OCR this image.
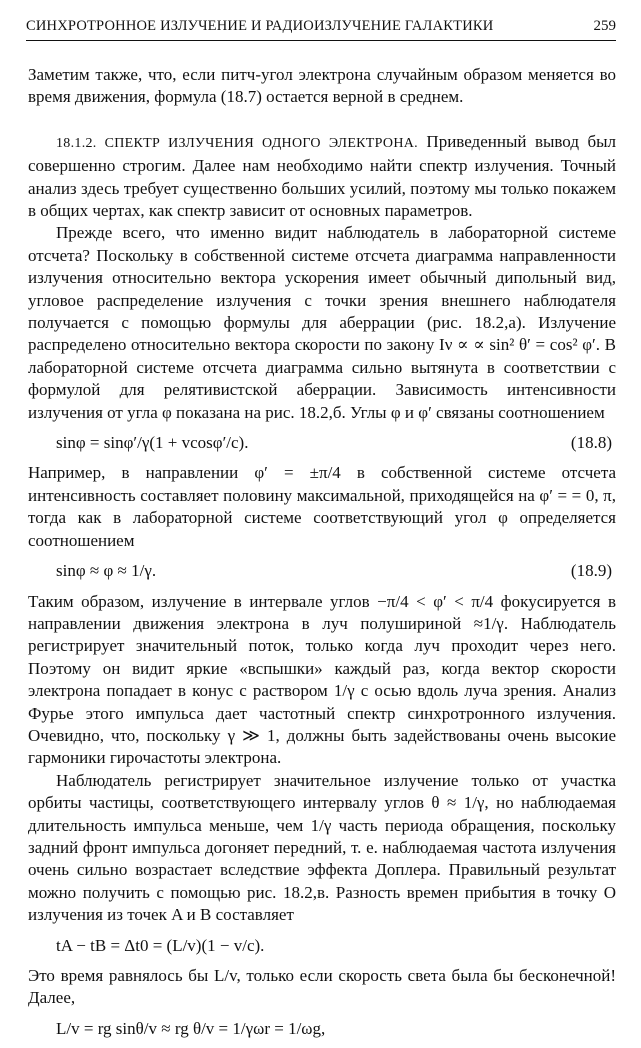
СИНХРОТРОННОЕ ИЗЛУЧЕНИЕ И РАДИОИЗЛУЧЕНИЕ ГАЛАКТИКИ	259

Заметим также, что, если питч-угол электрона случайным образом меняется во время движения, формула (18.7) остается верной в среднем.

18.1.2. СПЕКТР ИЗЛУЧЕНИЯ ОДНОГО ЭЛЕКТРОНА. Приведенный вывод был совершенно строгим. Далее нам необходимо найти спектр излучения. Точный анализ здесь требует существенно больших усилий, поэтому мы только покажем в общих чертах, как спектр зависит от основных параметров.

Прежде всего, что именно видит наблюдатель в лабораторной системе отсчета? Поскольку в собственной системе отсчета диаграмма направленности излучения относительно вектора ускорения имеет обычный дипольный вид, угловое распределение излучения с точки зрения внешнего наблюдателя получается с помощью формулы для аберрации (рис. 18.2,а). Излучение распределено относительно вектора скорости по закону Iν ∝ ∝ sin² θ′ = cos² φ′. В лабораторной системе отсчета диаграмма сильно вытянута в соответствии с формулой для релятивистской аберрации. Зависимость интенсивности излучения от угла φ показана на рис. 18.2,б. Углы φ и φ′ связаны соотношением

sinφ = sinφ′/γ(1 + vcosφ′/c).	(18.8)

Например, в направлении φ′ = ±π/4 в собственной системе отсчета интенсивность составляет половину максимальной, приходящейся на φ′ = = 0, π, тогда как в лабораторной системе соответствующий угол φ определяется соотношением

sinφ ≈ φ ≈ 1/γ.	(18.9)

Таким образом, излучение в интервале углов −π/4 < φ′ < π/4 фокусируется в направлении движения электрона в луч полушириной ≈1/γ. Наблюдатель регистрирует значительный поток, только когда луч проходит через него. Поэтому он видит яркие «вспышки» каждый раз, когда вектор скорости электрона попадает в конус с раствором 1/γ с осью вдоль луча зрения. Анализ Фурье этого импульса дает частотный спектр синхротронного излучения. Очевидно, что, поскольку γ ≫ 1, должны быть задействованы очень высокие гармоники гирочастоты электрона.

Наблюдатель регистрирует значительное излучение только от участка орбиты частицы, соответствующего интервалу углов θ ≈ 1/γ, но наблюдаемая длительность импульса меньше, чем 1/γ часть периода обращения, поскольку задний фронт импульса догоняет передний, т. е. наблюдаемая частота излучения очень сильно возрастает вследствие эффекта Доплера. Правильный результат можно получить с помощью рис. 18.2,в. Разность времен прибытия в точку O излучения из точек A и B составляет

tA − tB = Δt0 = (L/v)(1 − v/c).

Это время равнялось бы L/v, только если скорость света была бы бесконечной! Далее,

L/v = rg sinθ/v ≈ rg θ/v = 1/γωr = 1/ωg,
